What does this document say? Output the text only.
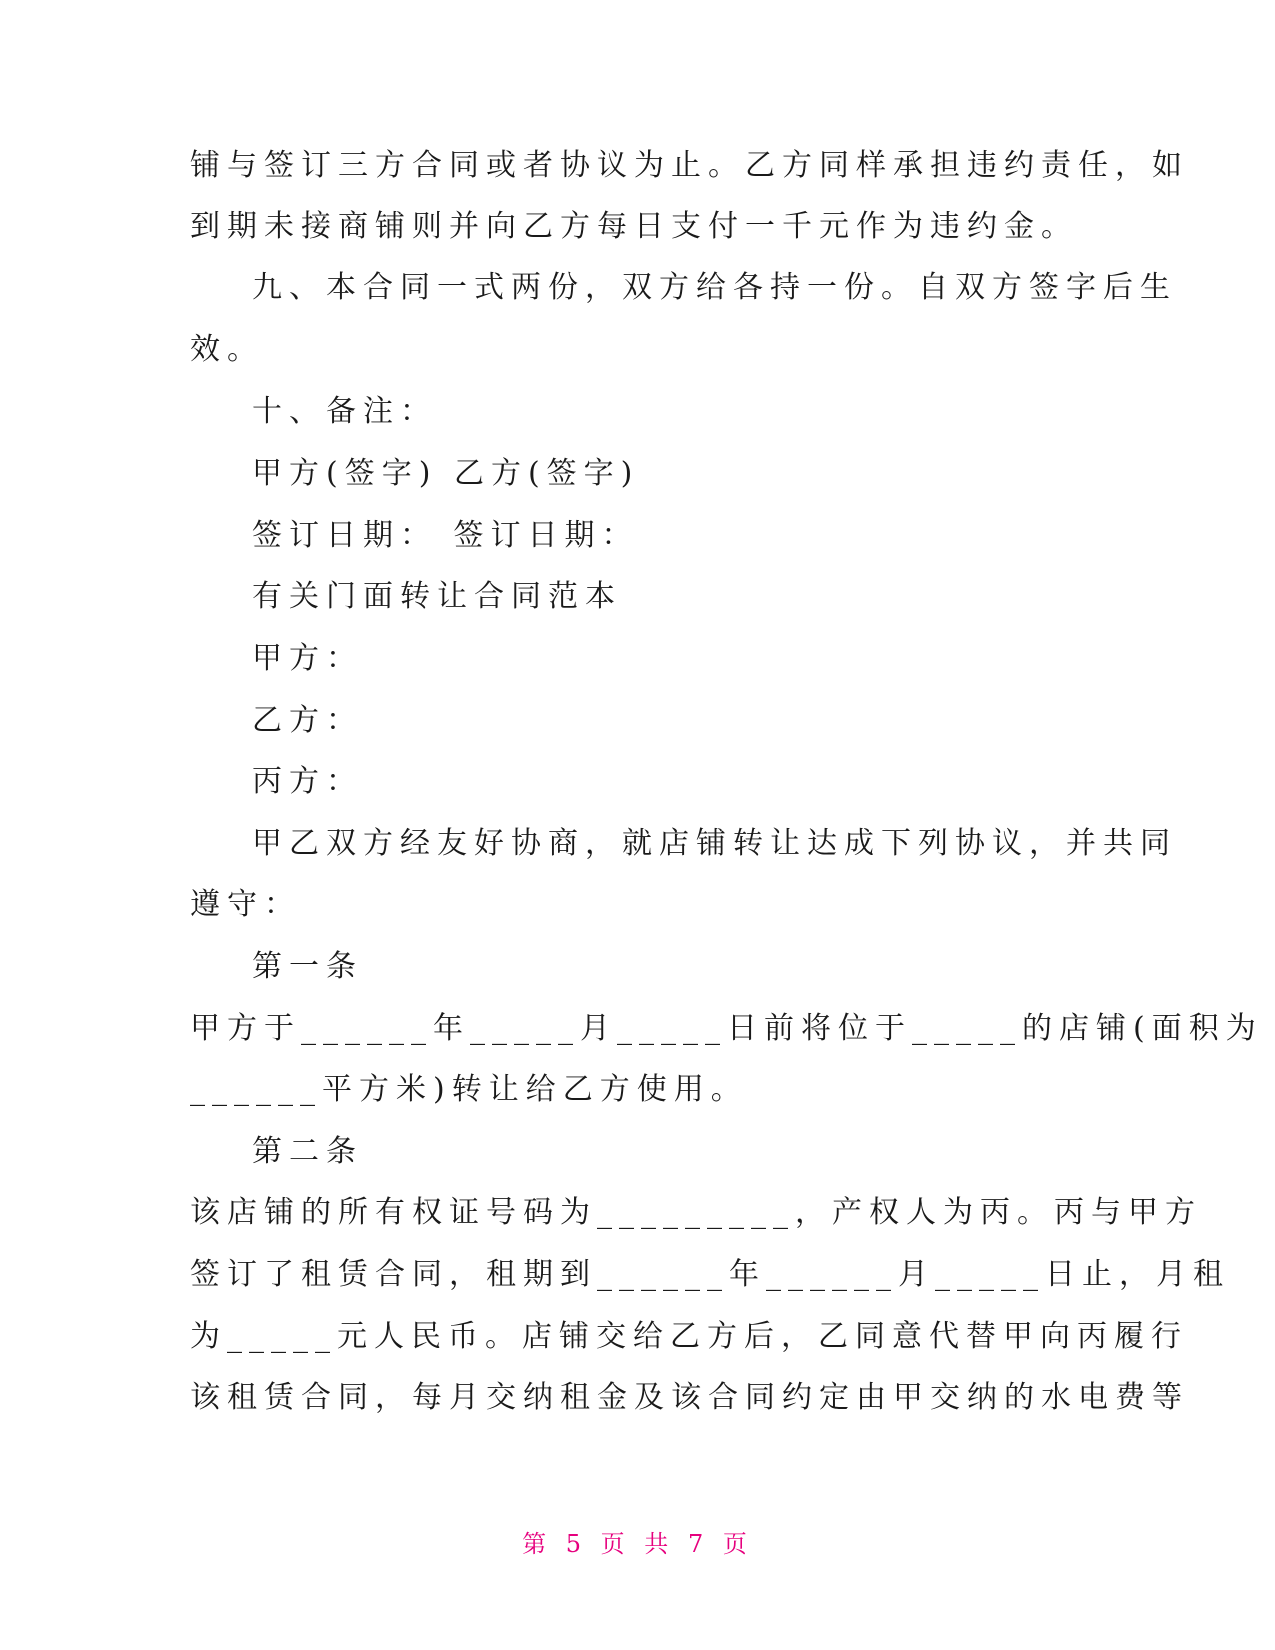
铺与签订三方合同或者协议为止。乙方同样承担违约责任，如
到期未接商铺则并向乙方每日支付一千元作为违约金。
九、本合同一式两份，双方给各持一份。自双方签字后生
效。
十、备注：
甲方(签字) 乙方(签字)
签订日期： 签订日期：
有关门面转让合同范本
甲方：
乙方：
丙方：
甲乙双方经友好协商，就店铺转让达成下列协议，并共同
遵守：
第一条
甲方于______年_____月_____日前将位于_____的店铺(面积为
______平方米)转让给乙方使用。
第二条
该店铺的所有权证号码为_________，产权人为丙。丙与甲方
签订了租赁合同，租期到______年______月_____日止，月租
为_____元人民币。店铺交给乙方后，乙同意代替甲向丙履行
该租赁合同，每月交纳租金及该合同约定由甲交纳的水电费等
第 5 页 共 7 页
